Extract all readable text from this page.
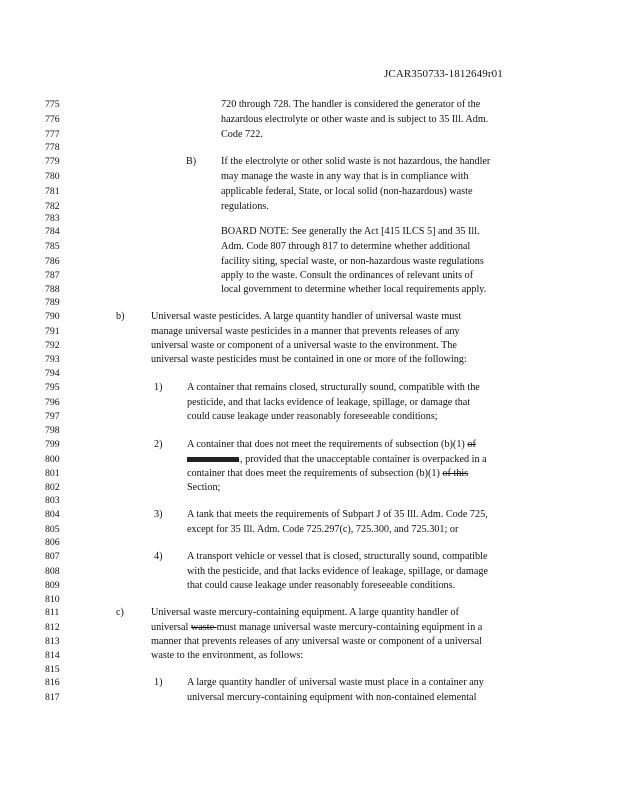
JCAR350733-1812649r01
775
776
777
778
779
780
781
782
783
784
785
786
787
788
789
790
791
792
793
794
795
796
797
798
799
800
801
802
803
804
805
806
807
808
809
810
811
812
813
814
815
816
817
720 through 728. The handler is considered the generator of the
hazardous electrolyte or other waste and is subject to 35 Ill. Adm.
Code 722.
B) If the electrolyte or other solid waste is not hazardous, the handler
may manage the waste in any way that is in compliance with
applicable federal, State, or local solid (non-hazardous) waste
regulations.
BOARD NOTE: See generally the Act [415 ILCS 5] and 35 Ill.
Adm. Code 807 through 817 to determine whether additional
facility siting, special waste, or non-hazardous waste regulations
apply to the waste. Consult the ordinances of relevant units of
local government to determine whether local requirements apply.
b)	Universal waste pesticides. A large quantity handler of universal waste must
manage universal waste pesticides in a manner that prevents releases of any
universal waste or component of a universal waste to the environment. The
universal waste pesticides must be contained in one or more of the following:
1) A container that remains closed, structurally sound, compatible with the
pesticide, and that lacks evidence of leakage, spillage, or damage that
could cause leakage under reasonably foreseeable conditions;
2) A container that does not meet the requirements of subsection (b)(1) of
, provided that the unacceptable container is overpacked in a
container that does meet the requirements of subsection (b)(1) of this
Section;
3) A tank that meets the requirements of Subpart J of 35 Ill. Adm. Code 725,
except for 35 Ill. Adm. Code 725.297(c), 725.300, and 725.301; or
4) A transport vehicle or vessel that is closed, structurally sound, compatible
with the pesticide, and that lacks evidence of leakage, spillage, or damage
that could cause leakage under reasonably foreseeable conditions.
c)	Universal waste mercury-containing equipment. A large quantity handler of
universal waste must manage universal waste mercury-containing equipment in a
manner that prevents releases of any universal waste or component of a universal
waste to the environment, as follows:
1) A large quantity handler of universal waste must place in a container any
universal mercury-containing equipment with non-contained elemental
